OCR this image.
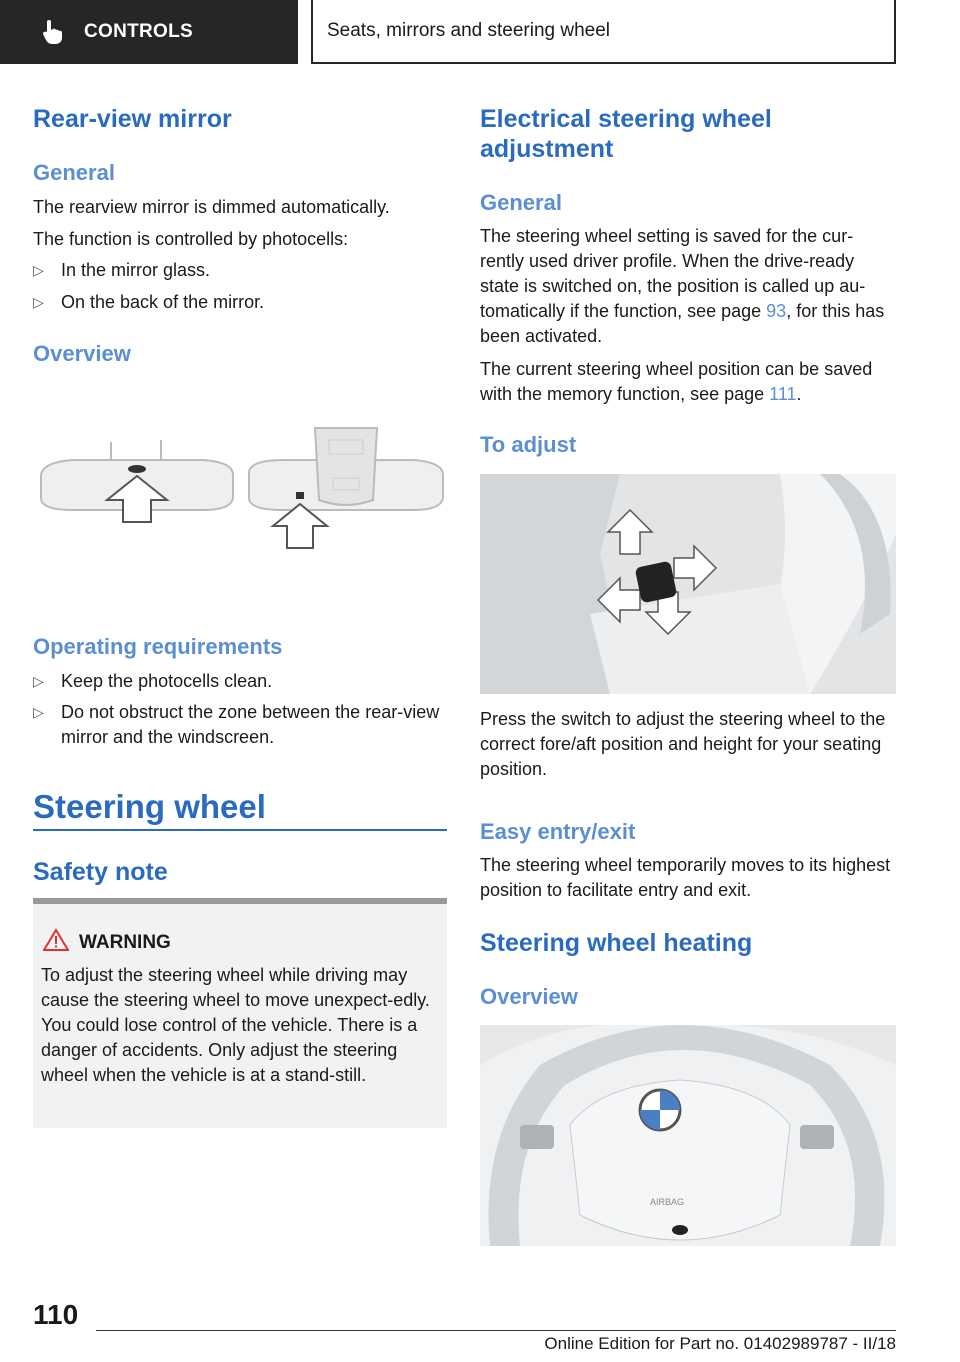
CONTROLS	Seats, mirrors and steering wheel
Rear-view mirror
General
The rearview mirror is dimmed automatically.
The function is controlled by photocells:
▷ In the mirror glass.
▷ On the back of the mirror.
Overview
Operating requirements
▷ Keep the photocells clean.
▷ Do not obstruct the zone between the rear-view mirror and the windscreen.
Steering wheel
Safety note
WARNING
To adjust the steering wheel while driving may cause the steering wheel to move unexpect-edly. You could lose control of the vehicle. There is a danger of accidents. Only adjust the steering wheel when the vehicle is at a stand-still.
Electrical steering wheel adjustment
General
The steering wheel setting is saved for the cur-rently used driver profile. When the drive-ready state is switched on, the position is called up au-tomatically if the function, see page 93, for this has been activated.
The current steering wheel position can be saved with the memory function, see page 111.
To adjust
Press the switch to adjust the steering wheel to the correct fore/aft position and height for your seating position.
Easy entry/exit
The steering wheel temporarily moves to its highest position to facilitate entry and exit.
Steering wheel heating
Overview
AIRBAG
110
Online Edition for Part no. 01402989787 - II/18
